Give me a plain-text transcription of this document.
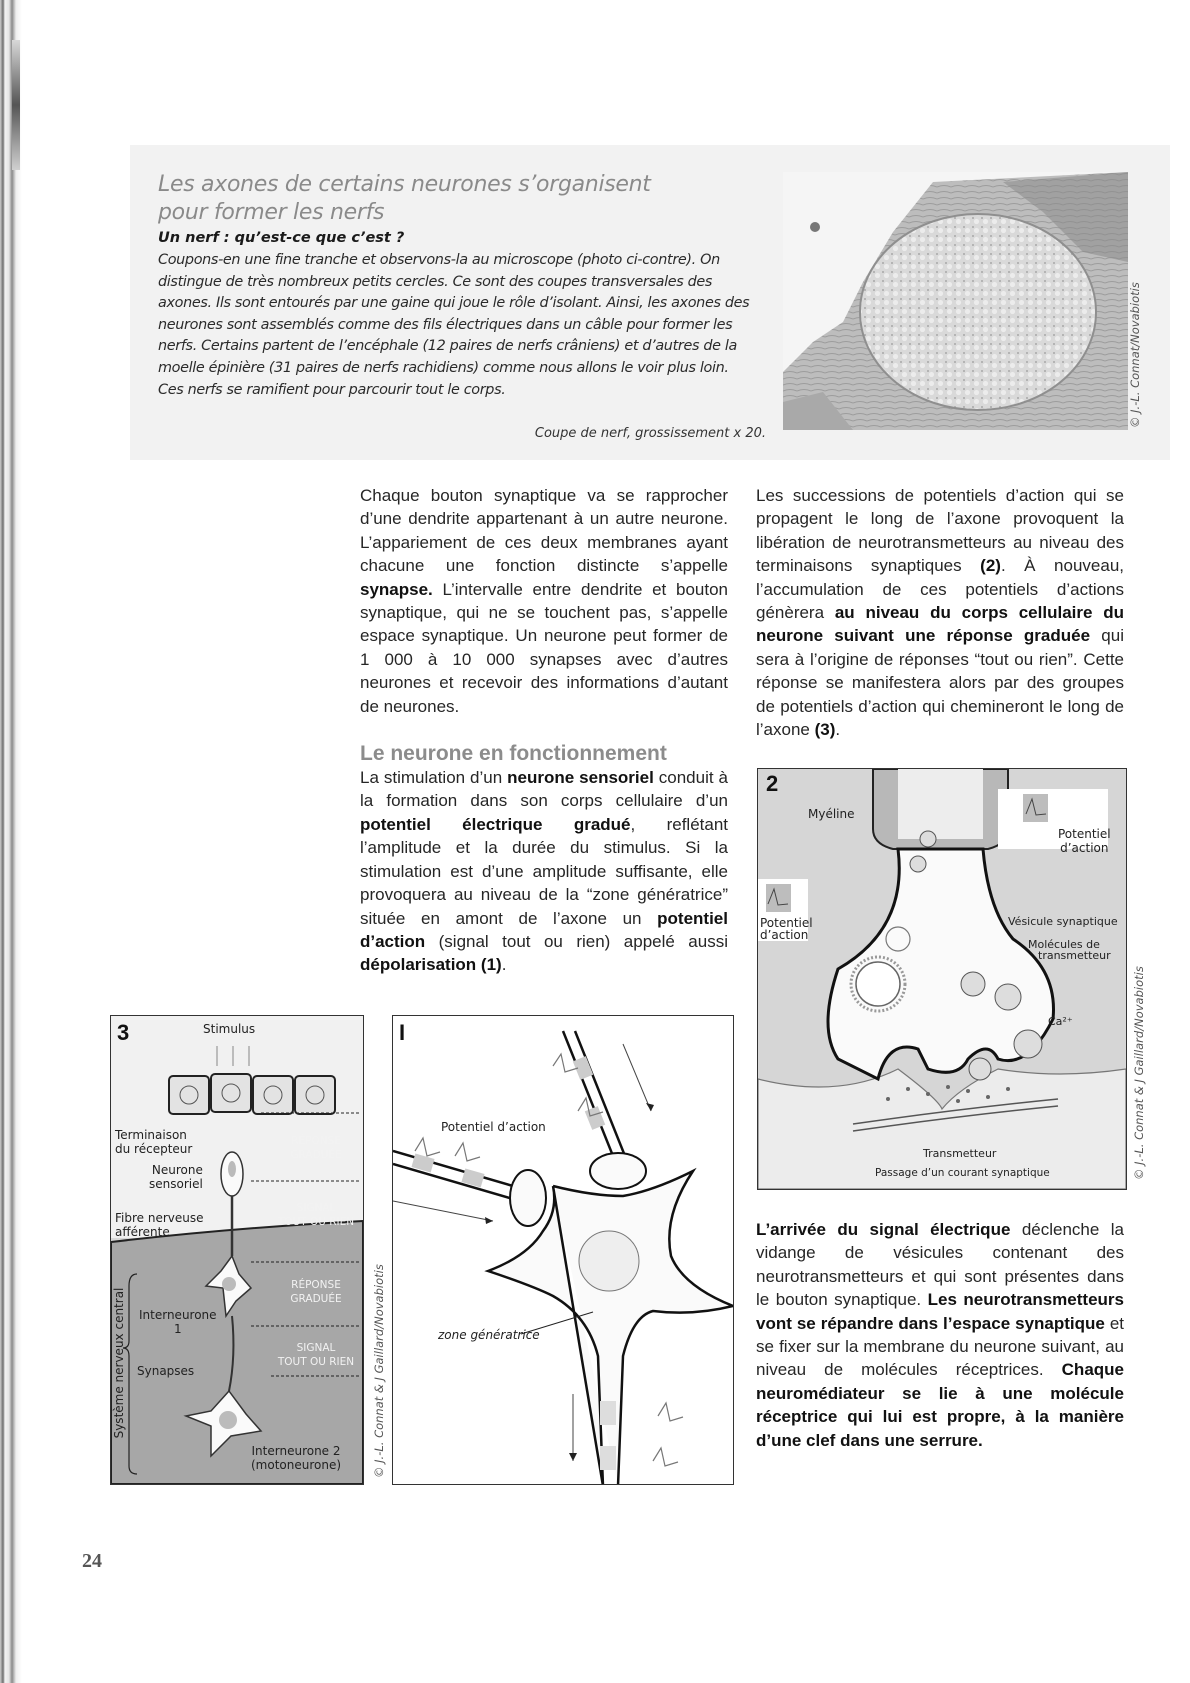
Les axones de certains neurones s’organisent
pour former les nerfs
Un nerf : qu’est-ce que c’est ?
Coupons-en une fine tranche et observons-la au microscope (photo ci-contre). On distingue de très nombreux petits cercles. Ce sont des coupes transversales des axones. Ils sont entourés par une gaine qui joue le rôle d’isolant. Ainsi, les axones des neurones sont assemblés comme des fils électriques dans un câble pour former les nerfs. Certains partent de l’encéphale (12 paires de nerfs crâniens) et d’autres de la moelle épinière (31 paires de nerfs rachidiens) comme nous allons le voir plus loin. Ces nerfs se ramifient pour parcourir tout le corps.
Coupe de nerf, grossissement x 20.
© J.-L. Connat/Novabiotis

Chaque bouton synaptique va se rapprocher d’une dendrite appartenant à un autre neurone. L’appariement de ces deux membranes ayant chacune une fonction distincte s’appelle synapse. L’intervalle entre dendrite et bouton synaptique, qui ne se touchent pas, s’appelle espace synaptique. Un neurone peut former de 1 000 à 10 000 synapses avec d’autres neurones et recevoir des informations d’autant de neurones.

Le neurone en fonctionnement

La stimulation d’un neurone sensoriel conduit à la formation dans son corps cellulaire d’un potentiel électrique gradué, reflétant l’amplitude et la durée du stimulus. Si la stimulation est d’une amplitude suffisante, elle provoquera au niveau de la “zone génératrice” située en amont de l’axone un potentiel d’action (signal tout ou rien) appelé aussi dépolarisation (1).

Les successions de potentiels d’action qui se propagent le long de l’axone provoquent la libération de neurotransmetteurs au niveau des terminaisons synaptiques (2). À nouveau, l’accumulation de ces potentiels d’actions génèrera au niveau du corps cellulaire du neurone suivant une réponse graduée qui sera à l’origine de réponses “tout ou rien”. Cette réponse se manifestera alors par des groupes de potentiels d’action qui chemineront le long de l’axone (3).

L’arrivée du signal électrique déclenche la vidange de vésicules contenant des neurotransmetteurs et qui sont présentes dans le bouton synaptique. Les neurotransmetteurs vont se répandre dans l’espace synaptique et se fixer sur la membrane du neurone suivant, au niveau de molécules réceptrices. Chaque neuromédiateur se lie à une molécule réceptrice qui lui est propre, à la manière d’une clef dans une serrure.

2
Myéline
Potentiel
d’action
Potentiel
d’action
Vésicule synaptique
Molécules de
transmetteur
Ca²⁺
Transmetteur
Passage d’un courant synaptique	© J.-L. Connat & J Gaillard/Novabiotis
3	Stimulus
Terminaison
du récepteur
Neurone
sensoriel
Fibre nerveuse
afférente
RÉPONSE
GRADUÉE
SIGNAL
TOUT OU RIEN
RÉPONSE
GRADUÉE
SIGNAL
TOUT OU RIEN
Système nerveux central Interneurone
1
Synapses
Interneurone 2
(motoneurone)
I
Potentiel d’action
zone génératrice
© J.-L. Connat & J Gaillard/Novabiotis
24
